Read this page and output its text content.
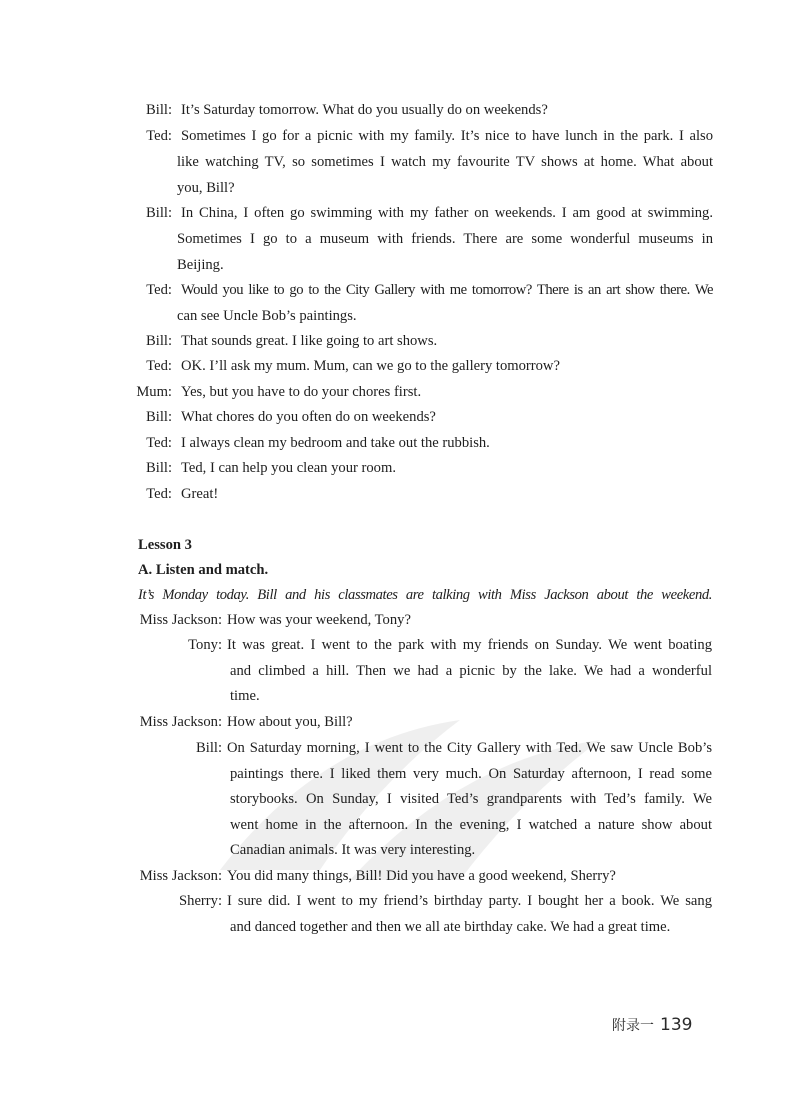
Bill: It’s Saturday tomorrow. What do you usually do on weekends?
Ted: Sometimes I go for a picnic with my family. It’s nice to have lunch in the park. I also
like watching TV, so sometimes I watch my favourite TV shows at home. What about
you, Bill?
Bill: In China, I often go swimming with my father on weekends. I am good at swimming.
Sometimes I go to a museum with friends. There are some wonderful museums in
Beijing.
Ted: Would you like to go to the City Gallery with me tomorrow? There is an art show there. We
can see Uncle Bob’s paintings.
Bill: That sounds great. I like going to art shows.
Ted: OK. I’ll ask my mum. Mum, can we go to the gallery tomorrow?
Mum: Yes, but you have to do your chores first.
Bill: What chores do you often do on weekends?
Ted: I always clean my bedroom and take out the rubbish.
Bill: Ted, I can help you clean your room.
Ted: Great!
Lesson 3
A. Listen and match.
It’s Monday today. Bill and his classmates are talking with Miss Jackson about the weekend.
Miss Jackson: How was your weekend, Tony?
Tony: It was great. I went to the park with my friends on Sunday. We went boating
and climbed a hill. Then we had a picnic by the lake. We had a wonderful
time.
Miss Jackson: How about you, Bill?
Bill: On Saturday morning, I went to the City Gallery with Ted. We saw Uncle Bob’s
paintings there. I liked them very much. On Saturday afternoon, I read some
storybooks. On Sunday, I visited Ted’s grandparents with Ted’s family. We
went home in the afternoon. In the evening, I watched a nature show about
Canadian animals. It was very interesting.
Miss Jackson: You did many things, Bill! Did you have a good weekend, Sherry?
Sherry: I sure did. I went to my friend’s birthday party. I bought her a book. We sang
and danced together and then we all ate birthday cake. We had a great time.
附录一 139
